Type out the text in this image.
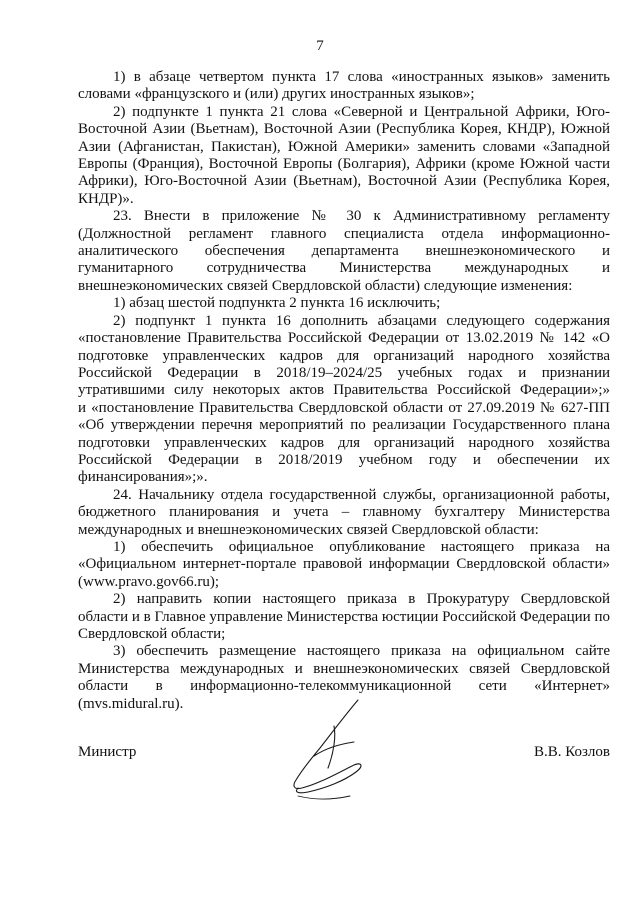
7

1) в абзаце четвертом пункта 17 слова «иностранных языков» заменить словами «французского и (или) других иностранных языков»;

2) подпункте 1 пункта 21 слова «Северной и Центральной Африки, Юго-Восточной Азии (Вьетнам), Восточной Азии (Республика Корея, КНДР), Южной Азии (Афганистан, Пакистан), Южной Америки» заменить словами «Западной Европы (Франция), Восточной Европы (Болгария), Африки (кроме Южной части Африки), Юго-Восточной Азии (Вьетнам), Восточной Азии (Республика Корея, КНДР)».

23. Внести в приложение № 30 к Административному регламенту (Должностной регламент главного специалиста отдела информационно-аналитического обеспечения департамента внешнеэкономического и гуманитарного сотрудничества Министерства международных и внешнеэкономических связей Свердловской области) следующие изменения:

1) абзац шестой подпункта 2 пункта 16 исключить;

2) подпункт 1 пункта 16 дополнить абзацами следующего содержания «постановление Правительства Российской Федерации от 13.02.2019 № 142 «О подготовке управленческих кадров для организаций народного хозяйства Российской Федерации в 2018/19–2024/25 учебных годах и признании утратившими силу некоторых актов Правительства Российской Федерации»;»

и «постановление Правительства Свердловской области от 27.09.2019 № 627-ПП «Об утверждении перечня мероприятий по реализации Государственного плана подготовки управленческих кадров для организаций народного хозяйства Российской Федерации в 2018/2019 учебном году и обеспечении их финансирования»;».

24. Начальнику отдела государственной службы, организационной работы, бюджетного планирования и учета – главному бухгалтеру Министерства международных и внешнеэкономических связей Свердловской области:

1) обеспечить официальное опубликование настоящего приказа на «Официальном интернет-портале правовой информации Свердловской области» (www.pravo.gov66.ru);

2) направить копии настоящего приказа в Прокуратуру Свердловской области и в Главное управление Министерства юстиции Российской Федерации по Свердловской области;

3) обеспечить размещение настоящего приказа на официальном сайте Министерства международных и внешнеэкономических связей Свердловской области в информационно-телекоммуникационной сети «Интернет» (mvs.midural.ru).

Министр	В.В. Козлов
